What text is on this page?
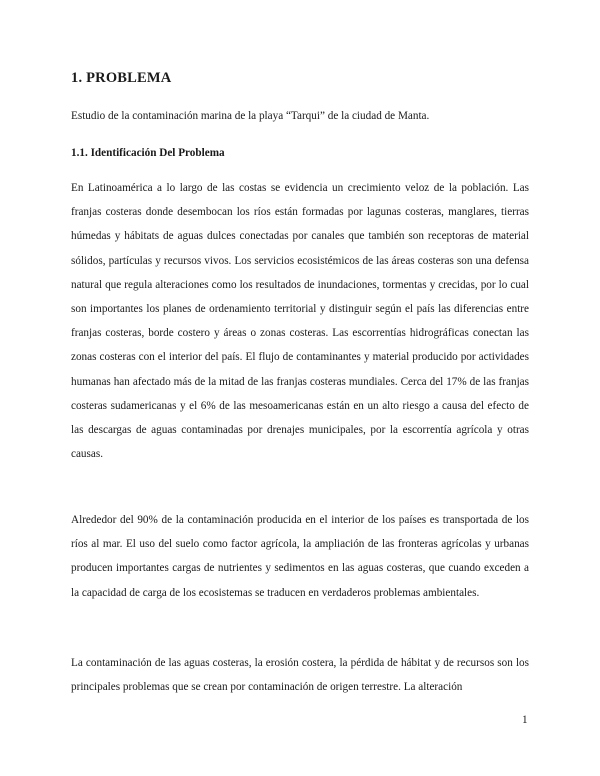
1. PROBLEMA

Estudio de la contaminación marina de la playa “Tarqui” de la ciudad de Manta.

1.1. Identificación Del Problema

En Latinoamérica a lo largo de las costas se evidencia un crecimiento veloz de la población. Las franjas costeras donde desembocan los ríos están formadas por lagunas costeras, manglares, tierras húmedas y hábitats de aguas dulces conectadas por canales que también son receptoras de material sólidos, partículas y recursos vivos. Los servicios ecosistémicos de las áreas costeras son una defensa natural que regula alteraciones como los resultados de inundaciones, tormentas y crecidas, por lo cual son importantes los planes de ordenamiento territorial y distinguir según el país las diferencias entre franjas costeras, borde costero y áreas o zonas costeras. Las escorrentías hidrográficas conectan las zonas costeras con el interior del país. El flujo de contaminantes y material producido por actividades humanas han afectado más de la mitad de las franjas costeras mundiales. Cerca del 17% de las franjas costeras sudamericanas y el 6% de las mesoamericanas están en un alto riesgo a causa del efecto de las descargas de aguas contaminadas por drenajes municipales, por la escorrentía agrícola y otras causas.

Alrededor del 90% de la contaminación producida en el interior de los países es transportada de los ríos al mar. El uso del suelo como factor agrícola, la ampliación de las fronteras agrícolas y urbanas producen importantes cargas de nutrientes y sedimentos en las aguas costeras, que cuando exceden a la capacidad de carga de los ecosistemas se traducen en verdaderos problemas ambientales.

La contaminación de las aguas costeras, la erosión costera, la pérdida de hábitat y de recursos son los principales problemas que se crean por contaminación de origen terrestre. La alteración

1
